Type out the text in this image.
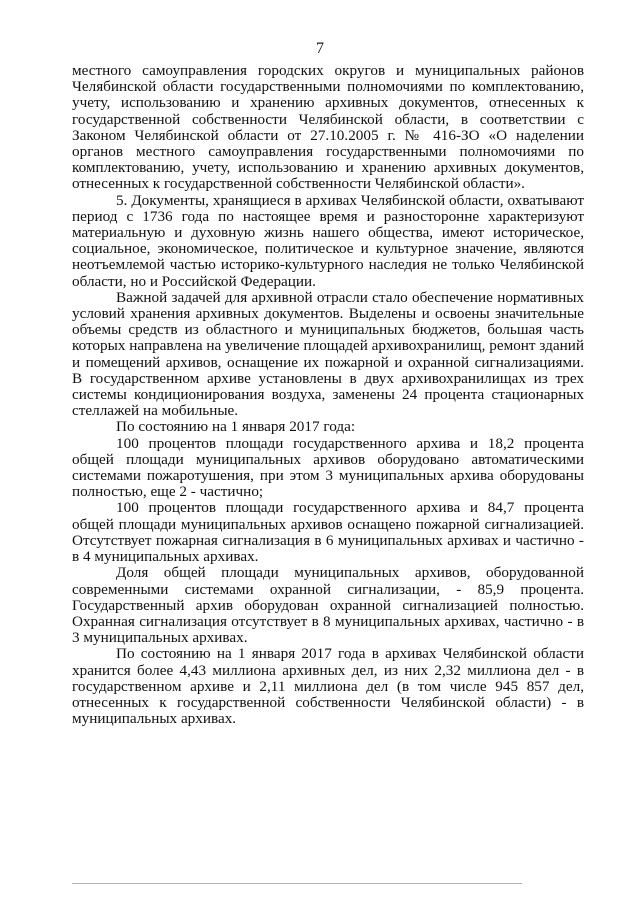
7

местного самоуправления городских округов и муниципальных районов Челябинской области государственными полномочиями по комплектованию, учету, использованию и хранению архивных документов, отнесенных к государственной собственности Челябинской области, в соответствии с Законом Челябинской области от 27.10.2005 г. № 416-ЗО «О наделении органов местного самоуправления государственными полномочиями по комплектованию, учету, использованию и хранению архивных документов, отнесенных к государственной собственности Челябинской области».

5. Документы, хранящиеся в архивах Челябинской области, охватывают период с 1736 года по настоящее время и разносторонне характеризуют материальную и духовную жизнь нашего общества, имеют историческое, социальное, экономическое, политическое и культурное значение, являются неотъемлемой частью историко-культурного наследия не только Челябинской области, но и Российской Федерации.

Важной задачей для архивной отрасли стало обеспечение нормативных условий хранения архивных документов. Выделены и освоены значительные объемы средств из областного и муниципальных бюджетов, большая часть которых направлена на увеличение площадей архивохранилищ, ремонт зданий и помещений архивов, оснащение их пожарной и охранной сигнализациями. В государственном архиве установлены в двух архивохранилищах из трех системы кондиционирования воздуха, заменены 24 процента стационарных стеллажей на мобильные.

По состоянию на 1 января 2017 года:

100 процентов площади государственного архива и 18,2 процента общей площади муниципальных архивов оборудовано автоматическими системами пожаротушения, при этом 3 муниципальных архива оборудованы полностью, еще 2 - частично;

100 процентов площади государственного архива и 84,7 процента общей площади муниципальных архивов оснащено пожарной сигнализацией. Отсутствует пожарная сигнализация в 6 муниципальных архивах и частично - в 4 муниципальных архивах.

Доля общей площади муниципальных архивов, оборудованной современными системами охранной сигнализации, - 85,9 процента. Государственный архив оборудован охранной сигнализацией полностью. Охранная сигнализация отсутствует в 8 муниципальных архивах, частично - в 3 муниципальных архивах.

По состоянию на 1 января 2017 года в архивах Челябинской области хранится более 4,43 миллиона архивных дел, из них 2,32 миллиона дел - в государственном архиве и 2,11 миллиона дел (в том числе 945 857 дел, отнесенных к государственной собственности Челябинской области) - в муниципальных архивах.
